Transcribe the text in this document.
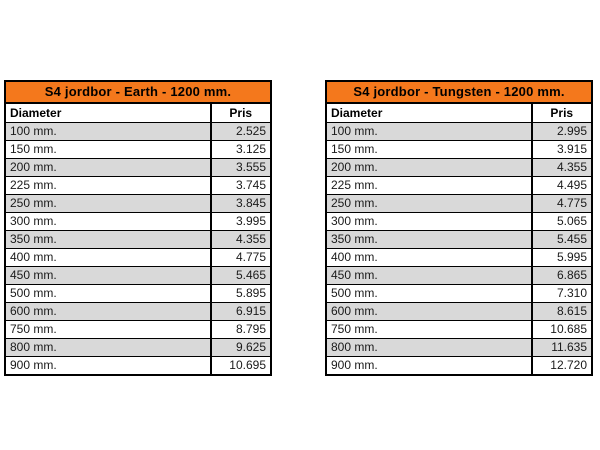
S4 jordbor - Earth - 1200 mm.
Diameter	Pris
100 mm.	2.525
150 mm.	3.125
200 mm.	3.555
225 mm.	3.745
250 mm.	3.845
300 mm.	3.995
350 mm.	4.355
400 mm.	4.775
450 mm.	5.465
500 mm.	5.895
600 mm.	6.915
750 mm.	8.795
800 mm.	9.625
900 mm.	10.695
S4 jordbor - Tungsten - 1200 mm.
Diameter	Pris
100 mm.	2.995
150 mm.	3.915
200 mm.	4.355
225 mm.	4.495
250 mm.	4.775
300 mm.	5.065
350 mm.	5.455
400 mm.	5.995
450 mm.	6.865
500 mm.	7.310
600 mm.	8.615
750 mm.	10.685
800 mm.	11.635
900 mm.	12.720
